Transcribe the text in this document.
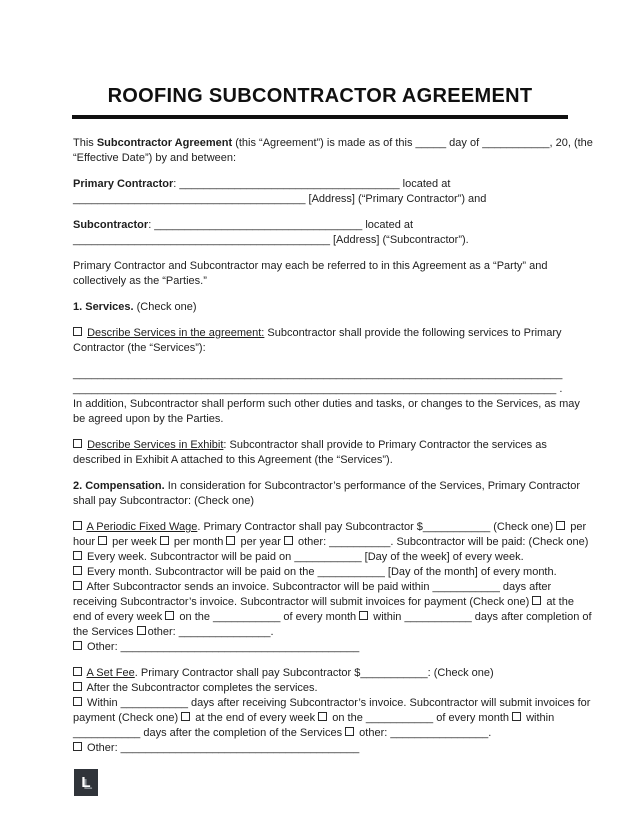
ROOFING SUBCONTRACTOR AGREEMENT

This Subcontractor Agreement (this “Agreement”) is made as of this _____ day of ___________, 20, (the
“Effective Date”) by and between:

Primary Contractor: ____________________________________ located at
______________________________________ [Address] (“Primary Contractor”) and

Subcontractor: __________________________________ located at
__________________________________________ [Address] (“Subcontractor”).

Primary Contractor and Subcontractor may each be referred to in this Agreement as a “Party” and
collectively as the “Parties.”

1. Services. (Check one)

Describe Services in the agreement: Subcontractor shall provide the following services to Primary
Contractor (the “Services”):

________________________________________________________________________________
_______________________________________________________________________________ .
In addition, Subcontractor shall perform such other duties and tasks, or changes to the Services, as may
be agreed upon by the Parties.

Describe Services in Exhibit: Subcontractor shall provide to Primary Contractor the services as
described in Exhibit A attached to this Agreement (the “Services”).

2. Compensation. In consideration for Subcontractor’s performance of the Services, Primary Contractor
shall pay Subcontractor: (Check one)

A Periodic Fixed Wage. Primary Contractor shall pay Subcontractor $___________ (Check one)  per
hour  per week  per month  per year  other: __________. Subcontractor will be paid: (Check one)
Every week. Subcontractor will be paid on ___________ [Day of the week] of every week.
Every month. Subcontractor will be paid on the ___________ [Day of the month] of every month.
After Subcontractor sends an invoice. Subcontractor will be paid within ___________ days after
receiving Subcontractor’s invoice. Subcontractor will submit invoices for payment (Check one)  at the
end of every week  on the ___________ of every month  within ___________ days after completion of
the Services other: _______________.
Other: _______________________________________

A Set Fee. Primary Contractor shall pay Subcontractor $___________: (Check one)
After the Subcontractor completes the services.
Within ___________ days after receiving Subcontractor’s invoice. Subcontractor will submit invoices for
payment (Check one)  at the end of every week  on the ___________ of every month  within
___________ days after the completion of the Services  other: ________________.
Other: _______________________________________

L
